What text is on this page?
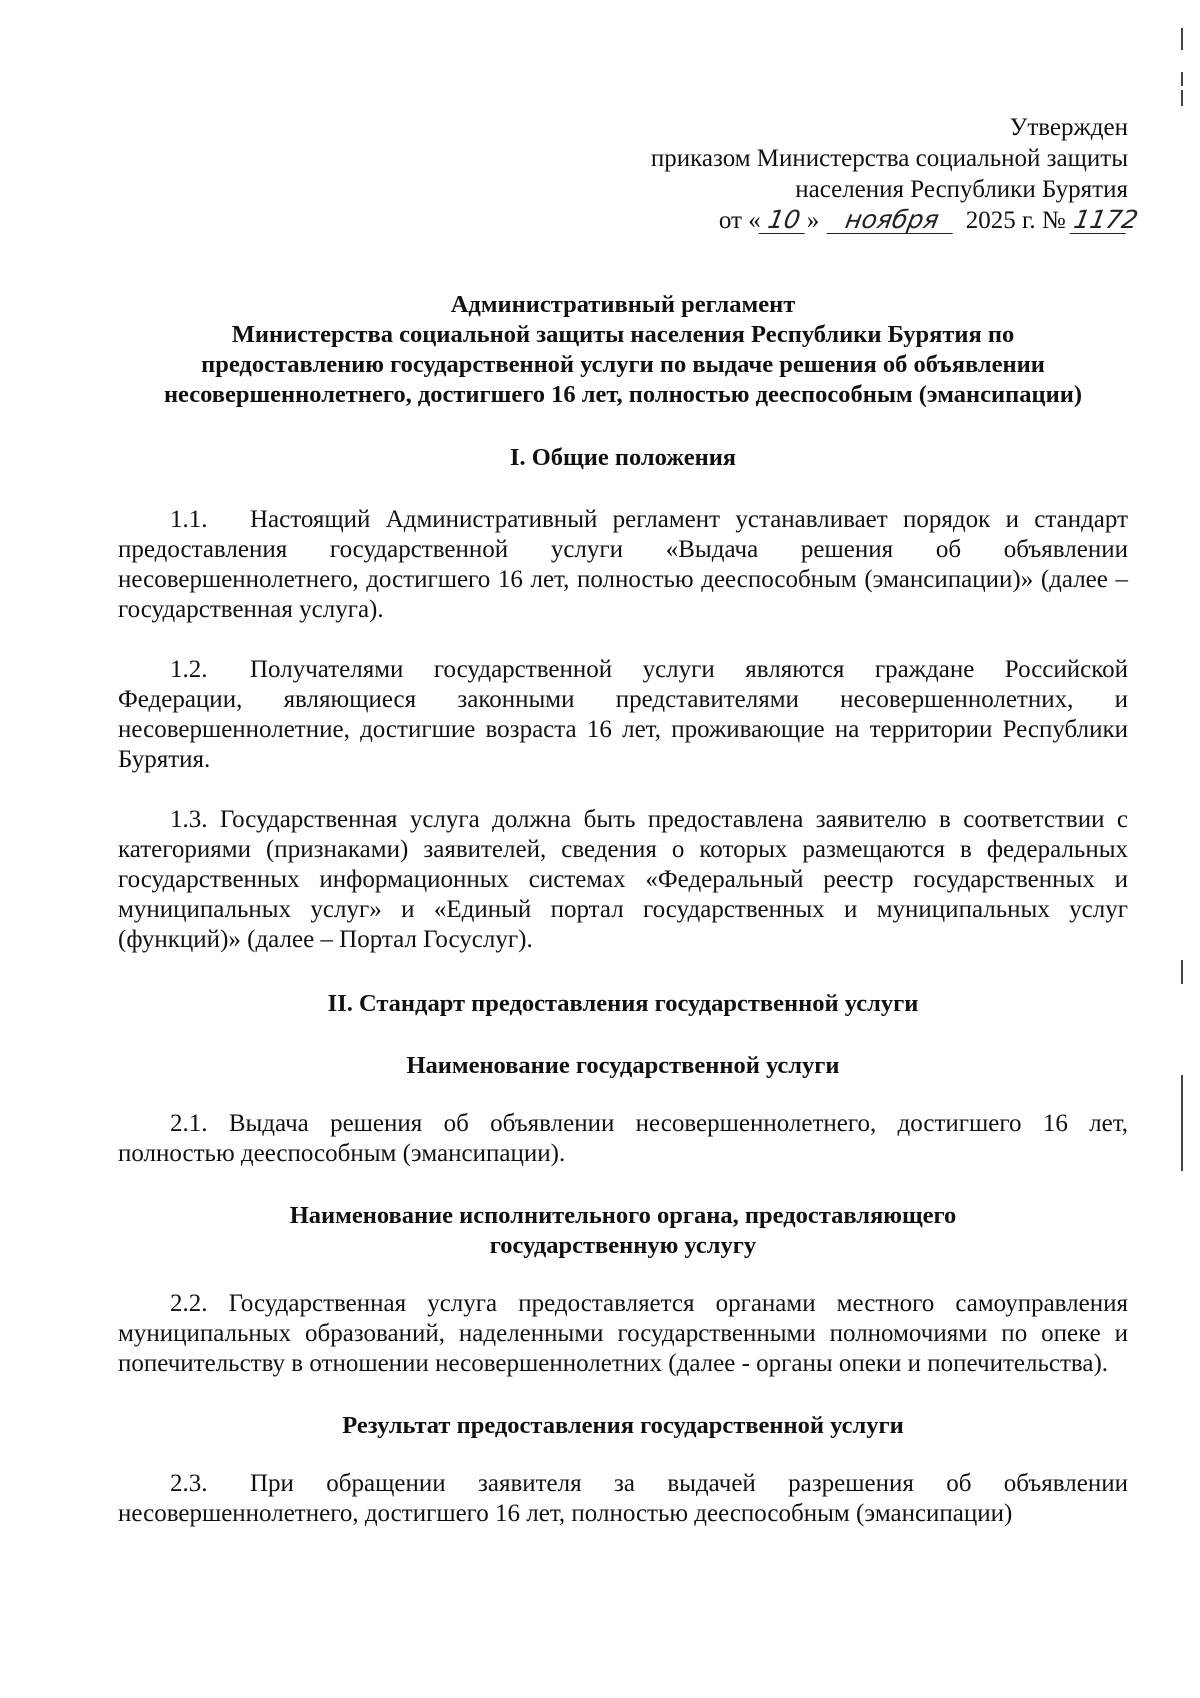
Утвержден
приказом Министерства социальной защиты
населения Республики Бурятия
от « 10 » ноября 2025 г. № 1172
Административный регламент
Министерства социальной защиты населения Республики Бурятия по
предоставлению государственной услуги по выдаче решения об объявлении
несовершеннолетнего, достигшего 16 лет, полностью дееспособным (эмансипации)
I. Общие положения

1.1. Настоящий Административный регламент устанавливает порядок и стандарт предоставления государственной услуги «Выдача решения об объявлении несовершеннолетнего, достигшего 16 лет, полностью дееспособным (эмансипации)» (далее – государственная услуга).

1.2. Получателями государственной услуги являются граждане Российской Федерации, являющиеся законными представителями несовершеннолетних, и несовершеннолетние, достигшие возраста 16 лет, проживающие на территории Республики Бурятия.

1.3. Государственная услуга должна быть предоставлена заявителю в соответствии с категориями (признаками) заявителей, сведения о которых размещаются в федеральных государственных информационных системах «Федеральный реестр государственных и муниципальных услуг» и «Единый портал государственных и муниципальных услуг (функций)» (далее – Портал Госуслуг).

II. Стандарт предоставления государственной услуги
Наименование государственной услуги

2.1. Выдача решения об объявлении несовершеннолетнего, достигшего 16 лет, полностью дееспособным (эмансипации).

Наименование исполнительного органа, предоставляющего
государственную услугу

2.2. Государственная услуга предоставляется органами местного самоуправления муниципальных образований, наделенными государственными полномочиями по опеке и попечительству в отношении несовершеннолетних (далее - органы опеки и попечительства).

Результат предоставления государственной услуги

2.3. При обращении заявителя за выдачей разрешения об объявлении несовершеннолетнего, достигшего 16 лет, полностью дееспособным (эмансипации)
